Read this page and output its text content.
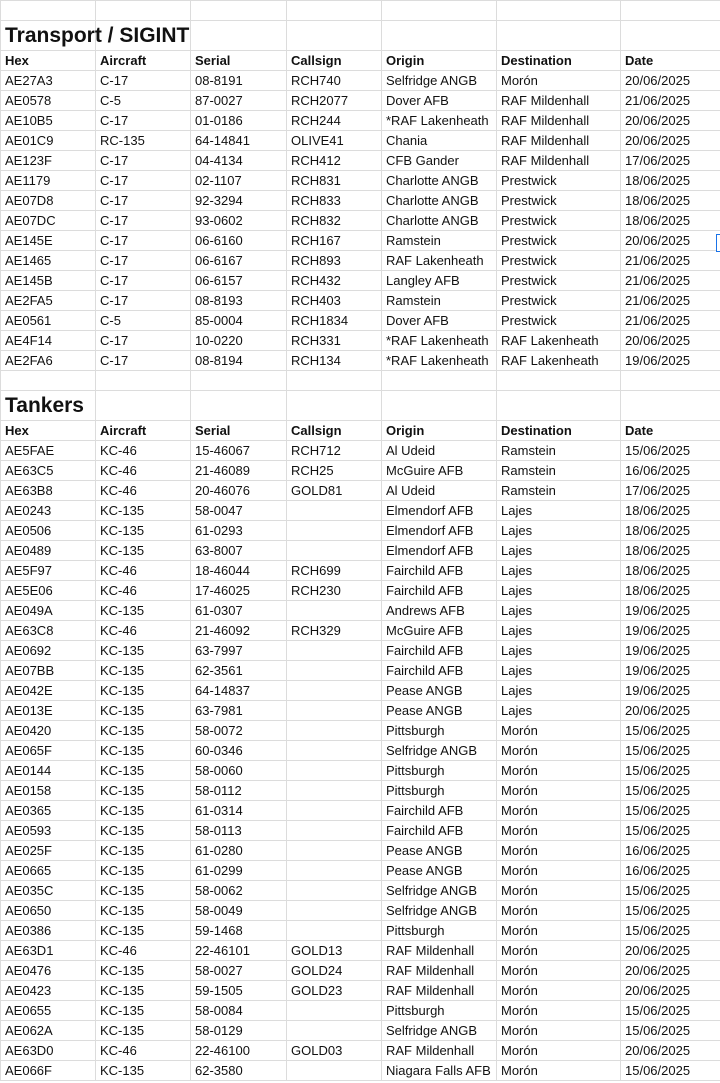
Transport / SIGINT						
Hex	Aircraft	Serial	Callsign	Origin	Destination	Date
AE27A3	C-17	08-8191	RCH740	Selfridge ANGB	Morón	20/06/2025
AE0578	C-5	87-0027	RCH2077	Dover AFB	RAF Mildenhall	21/06/2025
AE10B5	C-17	01-0186	RCH244	*RAF Lakenheath	RAF Mildenhall	20/06/2025
AE01C9	RC-135	64-14841	OLIVE41	Chania	RAF Mildenhall	20/06/2025
AE123F	C-17	04-4134	RCH412	CFB Gander	RAF Mildenhall	17/06/2025
AE1179	C-17	02-1107	RCH831	Charlotte ANGB	Prestwick	18/06/2025
AE07D8	C-17	92-3294	RCH833	Charlotte ANGB	Prestwick	18/06/2025
AE07DC	C-17	93-0602	RCH832	Charlotte ANGB	Prestwick	18/06/2025
AE145E	C-17	06-6160	RCH167	Ramstein	Prestwick	20/06/2025
AE1465	C-17	06-6167	RCH893	RAF Lakenheath	Prestwick	21/06/2025
AE145B	C-17	06-6157	RCH432	Langley AFB	Prestwick	21/06/2025
AE2FA5	C-17	08-8193	RCH403	Ramstein	Prestwick	21/06/2025
AE0561	C-5	85-0004	RCH1834	Dover AFB	Prestwick	21/06/2025
AE4F14	C-17	10-0220	RCH331	*RAF Lakenheath	RAF Lakenheath	20/06/2025
AE2FA6	C-17	08-8194	RCH134	*RAF Lakenheath	RAF Lakenheath	19/06/2025

Tankers						
Hex	Aircraft	Serial	Callsign	Origin	Destination	Date
AE5FAE	KC-46	15-46067	RCH712	Al Udeid	Ramstein	15/06/2025
AE63C5	KC-46	21-46089	RCH25	McGuire AFB	Ramstein	16/06/2025
AE63B8	KC-46	20-46076	GOLD81	Al Udeid	Ramstein	17/06/2025
AE0243	KC-135	58-0047		Elmendorf AFB	Lajes	18/06/2025
AE0506	KC-135	61-0293		Elmendorf AFB	Lajes	18/06/2025
AE0489	KC-135	63-8007		Elmendorf AFB	Lajes	18/06/2025
AE5F97	KC-46	18-46044	RCH699	Fairchild AFB	Lajes	18/06/2025
AE5E06	KC-46	17-46025	RCH230	Fairchild AFB	Lajes	18/06/2025
AE049A	KC-135	61-0307		Andrews AFB	Lajes	19/06/2025
AE63C8	KC-46	21-46092	RCH329	McGuire AFB	Lajes	19/06/2025
AE0692	KC-135	63-7997		Fairchild AFB	Lajes	19/06/2025
AE07BB	KC-135	62-3561		Fairchild AFB	Lajes	19/06/2025
AE042E	KC-135	64-14837		Pease ANGB	Lajes	19/06/2025
AE013E	KC-135	63-7981		Pease ANGB	Lajes	20/06/2025
AE0420	KC-135	58-0072		Pittsburgh	Morón	15/06/2025
AE065F	KC-135	60-0346		Selfridge ANGB	Morón	15/06/2025
AE0144	KC-135	58-0060		Pittsburgh	Morón	15/06/2025
AE0158	KC-135	58-0112		Pittsburgh	Morón	15/06/2025
AE0365	KC-135	61-0314		Fairchild AFB	Morón	15/06/2025
AE0593	KC-135	58-0113		Fairchild AFB	Morón	15/06/2025
AE025F	KC-135	61-0280		Pease ANGB	Morón	16/06/2025
AE0665	KC-135	61-0299		Pease ANGB	Morón	16/06/2025
AE035C	KC-135	58-0062		Selfridge ANGB	Morón	15/06/2025
AE0650	KC-135	58-0049		Selfridge ANGB	Morón	15/06/2025
AE0386	KC-135	59-1468		Pittsburgh	Morón	15/06/2025
AE63D1	KC-46	22-46101	GOLD13	RAF Mildenhall	Morón	20/06/2025
AE0476	KC-135	58-0027	GOLD24	RAF Mildenhall	Morón	20/06/2025
AE0423	KC-135	59-1505	GOLD23	RAF Mildenhall	Morón	20/06/2025
AE0655	KC-135	58-0084		Pittsburgh	Morón	15/06/2025
AE062A	KC-135	58-0129		Selfridge ANGB	Morón	15/06/2025
AE63D0	KC-46	22-46100	GOLD03	RAF Mildenhall	Morón	20/06/2025
AE066F	KC-135	62-3580		Niagara Falls AFB	Morón	15/06/2025
